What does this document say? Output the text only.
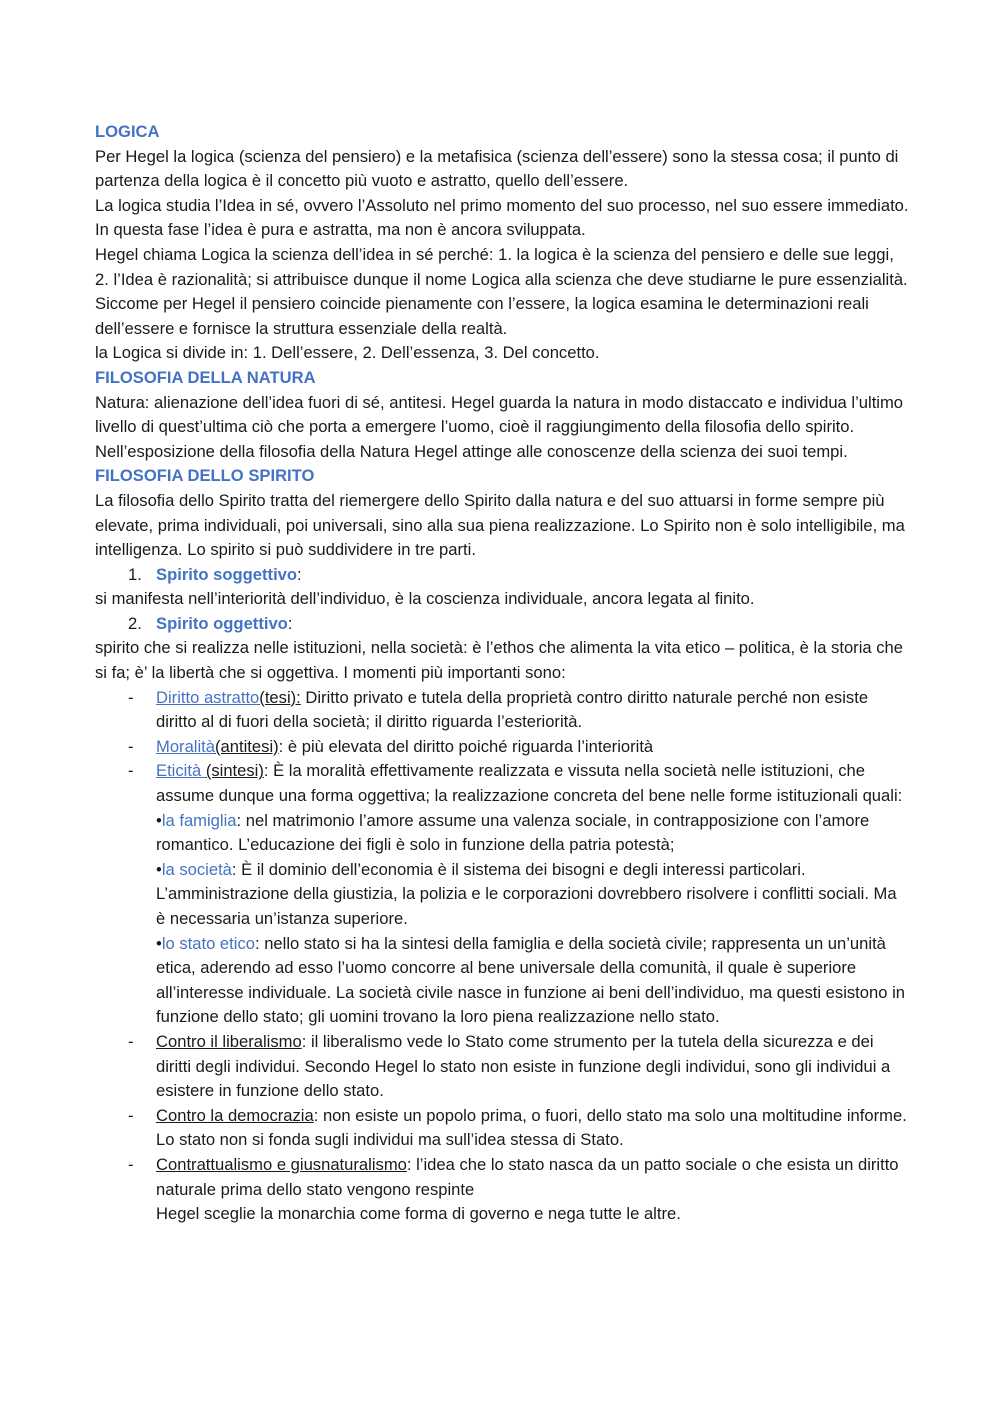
LOGICA

Per Hegel la logica (scienza del pensiero) e la metafisica (scienza dell’essere) sono la stessa cosa; il punto di partenza della logica è il concetto più vuoto e astratto, quello dell’essere.

La logica studia l’Idea in sé, ovvero l’Assoluto nel primo momento del suo processo, nel suo essere immediato. In questa fase l’idea è pura e astratta, ma non è ancora sviluppata.

Hegel chiama Logica la scienza dell’idea in sé perché: 1. la logica è la scienza del pensiero e delle sue leggi, 2. l’Idea è razionalità; si attribuisce dunque il nome Logica alla scienza che deve studiarne le pure essenzialità. Siccome per Hegel il pensiero coincide pienamente con l’essere, la logica esamina le determinazioni reali dell’essere e fornisce la struttura essenziale della realtà.

la Logica si divide in: 1. Dell’essere, 2. Dell’essenza, 3. Del concetto.

FILOSOFIA DELLA NATURA

Natura: alienazione dell’idea fuori di sé, antitesi. Hegel guarda la natura in modo distaccato e individua l’ultimo livello di quest’ultima ciò che porta a emergere l’uomo, cioè il raggiungimento della filosofia dello spirito. Nell’esposizione della filosofia della Natura Hegel attinge alle conoscenze della scienza dei suoi tempi.

FILOSOFIA DELLO SPIRITO

La filosofia dello Spirito tratta del riemergere dello Spirito dalla natura e del suo attuarsi in forme sempre più elevate, prima individuali, poi universali, sino alla sua piena realizzazione. Lo Spirito non è solo intelligibile, ma intelligenza. Lo spirito si può suddividere in tre parti.

1. Spirito soggettivo:

si manifesta nell’interiorità dell’individuo, è la coscienza individuale, ancora legata al finito.

2. Spirito oggettivo:

spirito che si realizza nelle istituzioni, nella società: è l’ethos che alimenta la vita etico – politica, è la storia che si fa; è’ la libertà che si oggettiva. I momenti più importanti sono:

- Diritto astratto(tesi): Diritto privato e tutela della proprietà contro diritto naturale perché non esiste diritto al di fuori della società; il diritto riguarda l’esteriorità.

- Moralità(antitesi): è più elevata del diritto poiché riguarda l’interiorità

- Eticità (sintesi): È la moralità effettivamente realizzata e vissuta nella società nelle istituzioni, che assume dunque una forma oggettiva; la realizzazione concreta del bene nelle forme istituzionali quali:

•la famiglia: nel matrimonio l’amore assume una valenza sociale, in contrapposizione con l’amore romantico. L’educazione dei figli è solo in funzione della patria potestà;

•la società: È il dominio dell’economia è il sistema dei bisogni e degli interessi particolari. L’amministrazione della giustizia, la polizia e le corporazioni dovrebbero risolvere i conflitti sociali. Ma è necessaria un’istanza superiore.

•lo stato etico: nello stato si ha la sintesi della famiglia e della società civile; rappresenta un un’unità etica, aderendo ad esso l’uomo concorre al bene universale della comunità, il quale è superiore all’interesse individuale. La società civile nasce in funzione ai beni dell’individuo, ma questi esistono in funzione dello stato; gli uomini trovano la loro piena realizzazione nello stato.

- Contro il liberalismo: il liberalismo vede lo Stato come strumento per la tutela della sicurezza e dei diritti degli individui. Secondo Hegel lo stato non esiste in funzione degli individui, sono gli individui a esistere in funzione dello stato.

- Contro la democrazia: non esiste un popolo prima, o fuori, dello stato ma solo una moltitudine informe. Lo stato non si fonda sugli individui ma sull’idea stessa di Stato.

- Contrattualismo e giusnaturalismo: l’idea che lo stato nasca da un patto sociale o che esista un diritto naturale prima dello stato vengono respinte

Hegel sceglie la monarchia come forma di governo e nega tutte le altre.
